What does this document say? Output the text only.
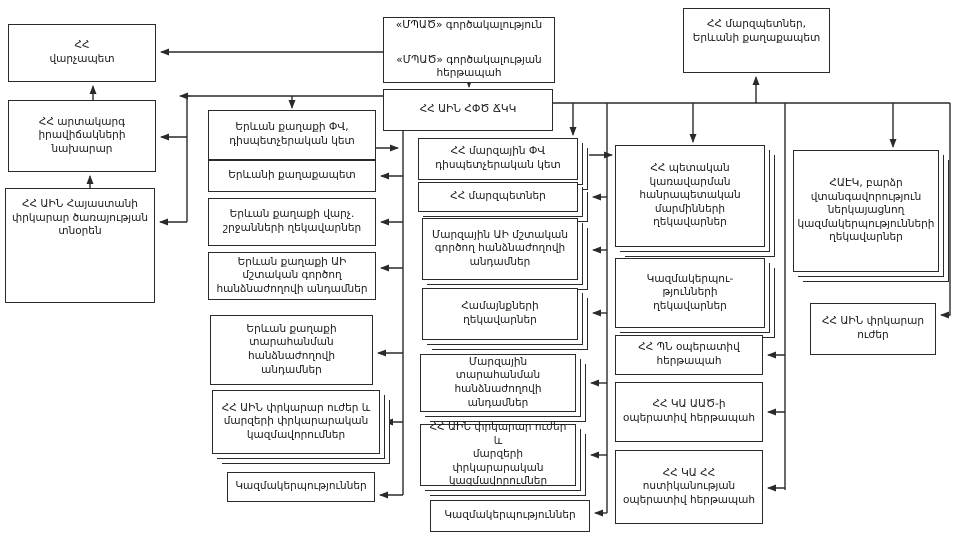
ՀՀ
վարչապետ
ՀՀ արտակարգ իրավիճակների նախարար
ՀՀ ԱԻՆ Հայաստանի փրկարար ծառայության տնօրեն

«ՄՊԱԾ» գործակալություն

«ՄՊԱԾ» գործակալության հերթապահ

ՀՀ ԱԻՆ ՀՓԾ ՃԿԿ
ՀՀ մարզպետներ,
Երևանի քաղաքապետ
Երևան քաղաքի ՓՎ,
դիսպետչերական կետ
Երևանի քաղաքապետ
Երևան քաղաքի վարչ.
շրջանների ղեկավարներ
Երևան քաղաքի ԱԻ
մշտական գործող
հանձնաժողովի անդամներ
Երևան քաղաքի
տարահանման
հանձնաժողովի
անդամներ
ՀՀ ԱԻՆ փրկարար ուժեր և
մարզերի փրկարարական
կազմավորումներ
Կազմակերպություններ
ՀՀ մարզային ՓՎ
դիսպետչերական կետ
ՀՀ մարզպետներ
Մարզային ԱԻ մշտական
գործող հանձնաժողովի
անդամներ
Համայնքների
ղեկավարներ
Մարզային տարահանման
հանձնաժողովի անդամներ
ՀՀ ԱԻՆ փրկարար ուժեր և
մարզերի փրկարարական
կազմավորումներ
Կազմակերպություններ
ՀՀ պետական
կառավարման
հանրապետական
մարմինների
ղեկավարներ
Կազմակերպու-
թյունների
ղեկավարներ
ՀՀ ՊՆ օպերատիվ
հերթապահ
ՀՀ ԿԱ ԱԱԾ-ի
օպերատիվ հերթապահ
ՀՀ ԿԱ ՀՀ
ոստիկանության
օպերատիվ հերթապահ
ՀԱԷԿ, բարձր
վտանգավորություն
ներկայացնող
կազմակերպությունների
ղեկավարներ
ՀՀ ԱԻՆ փրկարար
ուժեր
